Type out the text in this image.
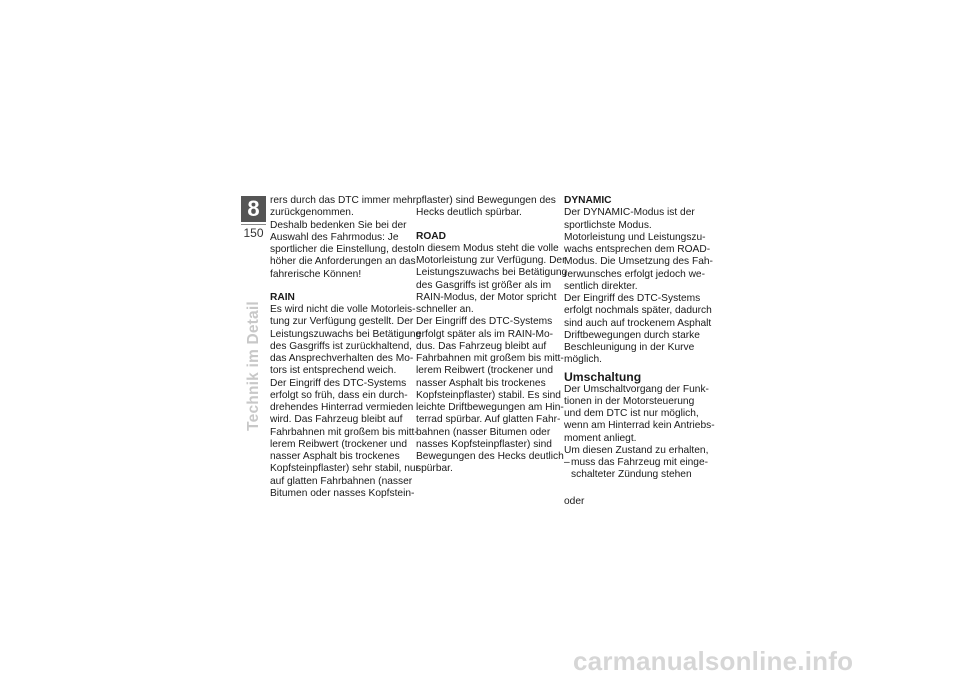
8
150
Technik im Detail
rers durch das DTC immer mehr
zurückgenommen.
Deshalb bedenken Sie bei der
Auswahl des Fahrmodus: Je
sportlicher die Einstellung, desto
höher die Anforderungen an das
fahrerische Können!
RAIN
Es wird nicht die volle Motorleis-
tung zur Verfügung gestellt. Der
Leistungszuwachs bei Betätigung
des Gasgriffs ist zurückhaltend,
das Ansprechverhalten des Mo-
tors ist entsprechend weich.
Der Eingriff des DTC-Systems
erfolgt so früh, dass ein durch-
drehendes Hinterrad vermieden
wird. Das Fahrzeug bleibt auf
Fahrbahnen mit großem bis mitt-
lerem Reibwert (trockener und
nasser Asphalt bis trockenes
Kopfsteinpflaster) sehr stabil, nur
auf glatten Fahrbahnen (nasser
Bitumen oder nasses Kopfstein-
pflaster) sind Bewegungen des
Hecks deutlich spürbar.
ROAD
In diesem Modus steht die volle
Motorleistung zur Verfügung. Der
Leistungszuwachs bei Betätigung
des Gasgriffs ist größer als im
RAIN-Modus, der Motor spricht
schneller an.
Der Eingriff des DTC-Systems
erfolgt später als im RAIN-Mo-
dus. Das Fahrzeug bleibt auf
Fahrbahnen mit großem bis mitt-
lerem Reibwert (trockener und
nasser Asphalt bis trockenes
Kopfsteinpflaster) stabil. Es sind
leichte Driftbewegungen am Hin-
terrad spürbar. Auf glatten Fahr-
bahnen (nasser Bitumen oder
nasses Kopfsteinpflaster) sind
Bewegungen des Hecks deutlich
spürbar.
DYNAMIC
Der DYNAMIC-Modus ist der
sportlichste Modus.
Motorleistung und Leistungszu-
wachs entsprechen dem ROAD-
Modus. Die Umsetzung des Fah-
rerwunsches erfolgt jedoch we-
sentlich direkter.
Der Eingriff des DTC-Systems
erfolgt nochmals später, dadurch
sind auch auf trockenem Asphalt
Driftbewegungen durch starke
Beschleunigung in der Kurve
möglich.
Umschaltung
Der Umschaltvorgang der Funk-
tionen in der Motorsteuerung
und dem DTC ist nur möglich,
wenn am Hinterrad kein Antriebs-
moment anliegt.
Um diesen Zustand zu erhalten,
– muss das Fahrzeug mit einge-
schalteter Zündung stehen
oder
carmanualsonline.info
